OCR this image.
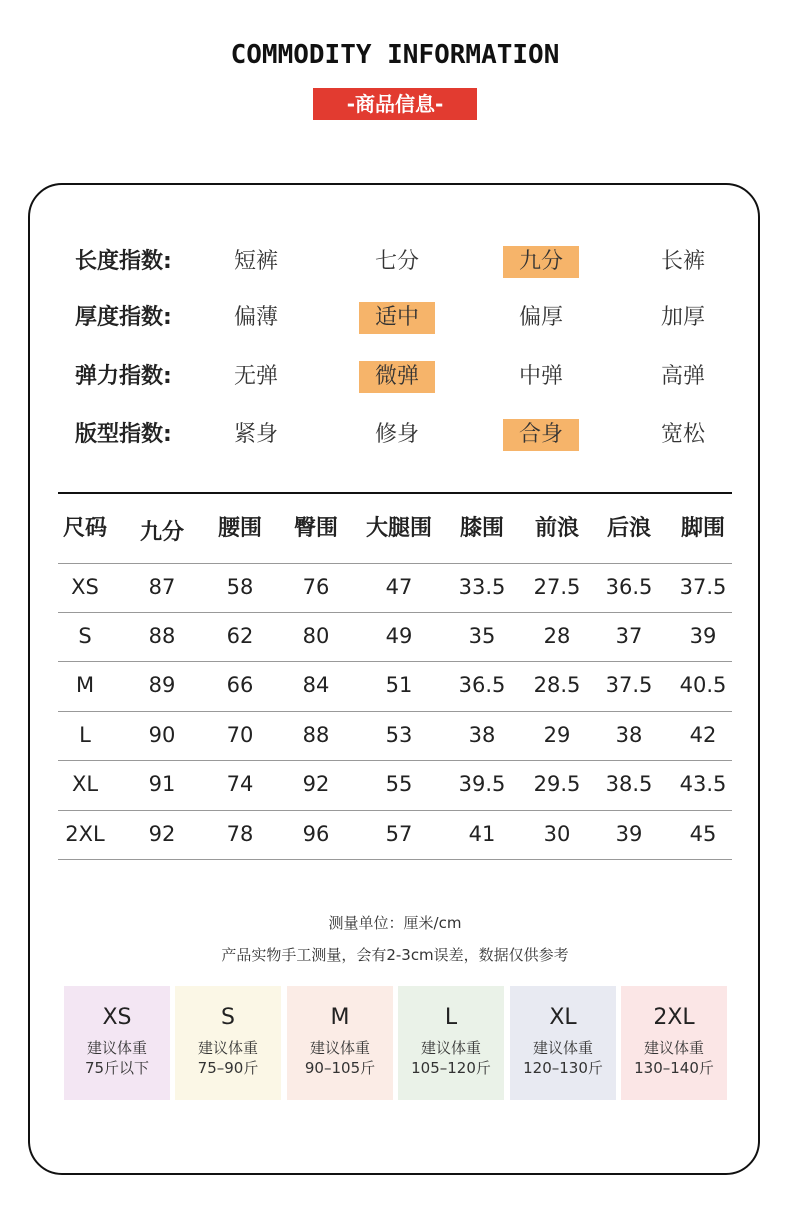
COMMODITY INFORMATION
-商品信息-
长度指数:	短裤	七分	九分	长裤
厚度指数:	偏薄	适中	偏厚	加厚
弹力指数:	无弹	微弹	中弹	高弹
版型指数:	紧身	修身	合身	宽松
尺码	九分	腰围	臀围	大腿围	膝围	前浪	后浪	脚围
XS	87	58	76	47	33.5	27.5	36.5	37.5
S	88	62	80	49	35	28	37	39
M	89	66	84	51	36.5	28.5	37.5	40.5
L	90	70	88	53	38	29	38	42
XL	91	74	92	55	39.5	29.5	38.5	43.5
2XL	92	78	96	57	41	30	39	45
测量单位：厘米/cm
产品实物手工测量，会有2-3cm误差，数据仅供参考
XS
建议体重
75斤以下
S
建议体重
75–90斤
M
建议体重
90–105斤
L
建议体重
105–120斤
XL
建议体重
120–130斤
2XL
建议体重
130–140斤
